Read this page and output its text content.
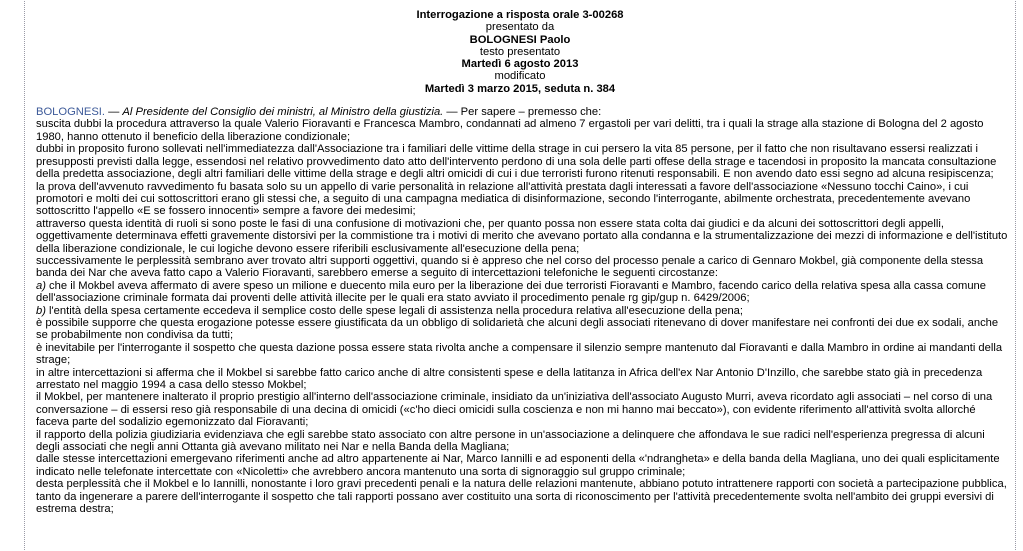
Interrogazione a risposta orale 3-00268
presentato da
BOLOGNESI Paolo
testo presentato
Martedì 6 agosto 2013
modificato
Martedì 3 marzo 2015, seduta n. 384

BOLOGNESI. — Al Presidente del Consiglio dei ministri, al Ministro della giustizia. — Per sapere – premesso che:

suscita dubbi la procedura attraverso la quale Valerio Fioravanti e Francesca Mambro, condannati ad almeno 7 ergastoli per vari delitti, tra i quali la strage alla stazione di Bologna del 2 agosto 1980, hanno ottenuto il beneficio della liberazione condizionale;

dubbi in proposito furono sollevati nell'immediatezza dall'Associazione tra i familiari delle vittime della strage in cui persero la vita 85 persone, per il fatto che non risultavano essersi realizzati i presupposti previsti dalla legge, essendosi nel relativo provvedimento dato atto dell'intervento perdono di una sola delle parti offese della strage e tacendosi in proposito la mancata consultazione della predetta associazione, degli altri familiari delle vittime della strage e degli altri omicidi di cui i due terroristi furono ritenuti responsabili. E non avendo dato essi segno ad alcuna resipiscenza;

la prova dell'avvenuto ravvedimento fu basata solo su un appello di varie personalità in relazione all'attività prestata dagli interessati a favore dell'associazione «Nessuno tocchi Caino», i cui promotori e molti dei cui sottoscrittori erano gli stessi che, a seguito di una campagna mediatica di disinformazione, secondo l'interrogante, abilmente orchestrata, precedentemente avevano sottoscritto l'appello «E se fossero innocenti» sempre a favore dei medesimi;

attraverso questa identità di ruoli si sono poste le fasi di una confusione di motivazioni che, per quanto possa non essere stata colta dai giudici e da alcuni dei sottoscrittori degli appelli, oggettivamente determinava effetti gravemente distorsivi per la commistione tra i motivi di merito che avevano portato alla condanna e la strumentalizzazione dei mezzi di informazione e dell'istituto della liberazione condizionale, le cui logiche devono essere riferibili esclusivamente all'esecuzione della pena;

successivamente le perplessità sembrano aver trovato altri supporti oggettivi, quando si è appreso che nel corso del processo penale a carico di Gennaro Mokbel, già componente della stessa banda dei Nar che aveva fatto capo a Valerio Fioravanti, sarebbero emerse a seguito di intercettazioni telefoniche le seguenti circostanze:

a) che il Mokbel aveva affermato di avere speso un milione e duecento mila euro per la liberazione dei due terroristi Fioravanti e Mambro, facendo carico della relativa spesa alla cassa comune dell'associazione criminale formata dai proventi delle attività illecite per le quali era stato avviato il procedimento penale rg gip/gup n. 6429/2006;

b) l'entità della spesa certamente eccedeva il semplice costo delle spese legali di assistenza nella procedura relativa all'esecuzione della pena;

è possibile supporre che questa erogazione potesse essere giustificata da un obbligo di solidarietà che alcuni degli associati ritenevano di dover manifestare nei confronti dei due ex sodali, anche se probabilmente non condivisa da tutti;

è inevitabile per l'interrogante il sospetto che questa dazione possa essere stata rivolta anche a compensare il silenzio sempre mantenuto dal Fioravanti e dalla Mambro in ordine ai mandanti della strage;

in altre intercettazioni si afferma che il Mokbel si sarebbe fatto carico anche di altre consistenti spese e della latitanza in Africa dell'ex Nar Antonio D'Inzillo, che sarebbe stato già in precedenza arrestato nel maggio 1994 a casa dello stesso Mokbel;

il Mokbel, per mantenere inalterato il proprio prestigio all'interno dell'associazione criminale, insidiato da un'iniziativa dell'associato Augusto Murri, aveva ricordato agli associati – nel corso di una conversazione – di essersi reso già responsabile di una decina di omicidi («c'ho dieci omicidi sulla coscienza e non mi hanno mai beccato»), con evidente riferimento all'attività svolta allorché faceva parte del sodalizio egemonizzato dal Fioravanti;

il rapporto della polizia giudiziaria evidenziava che egli sarebbe stato associato con altre persone in un'associazione a delinquere che affondava le sue radici nell'esperienza pregressa di alcuni degli associati che negli anni Ottanta già avevano militato nei Nar e nella Banda della Magliana;

dalle stesse intercettazioni emergevano riferimenti anche ad altro appartenente ai Nar, Marco Iannilli e ad esponenti della «'ndrangheta» e della banda della Magliana, uno dei quali esplicitamente indicato nelle telefonate intercettate con «Nicoletti» che avrebbero ancora mantenuto una sorta di signoraggio sul gruppo criminale;

desta perplessità che il Mokbel e lo Iannilli, nonostante i loro gravi precedenti penali e la natura delle relazioni mantenute, abbiano potuto intrattenere rapporti con società a partecipazione pubblica, tanto da ingenerare a parere dell'interrogante il sospetto che tali rapporti possano aver costituito una sorta di riconoscimento per l'attività precedentemente svolta nell'ambito dei gruppi eversivi di estrema destra;
